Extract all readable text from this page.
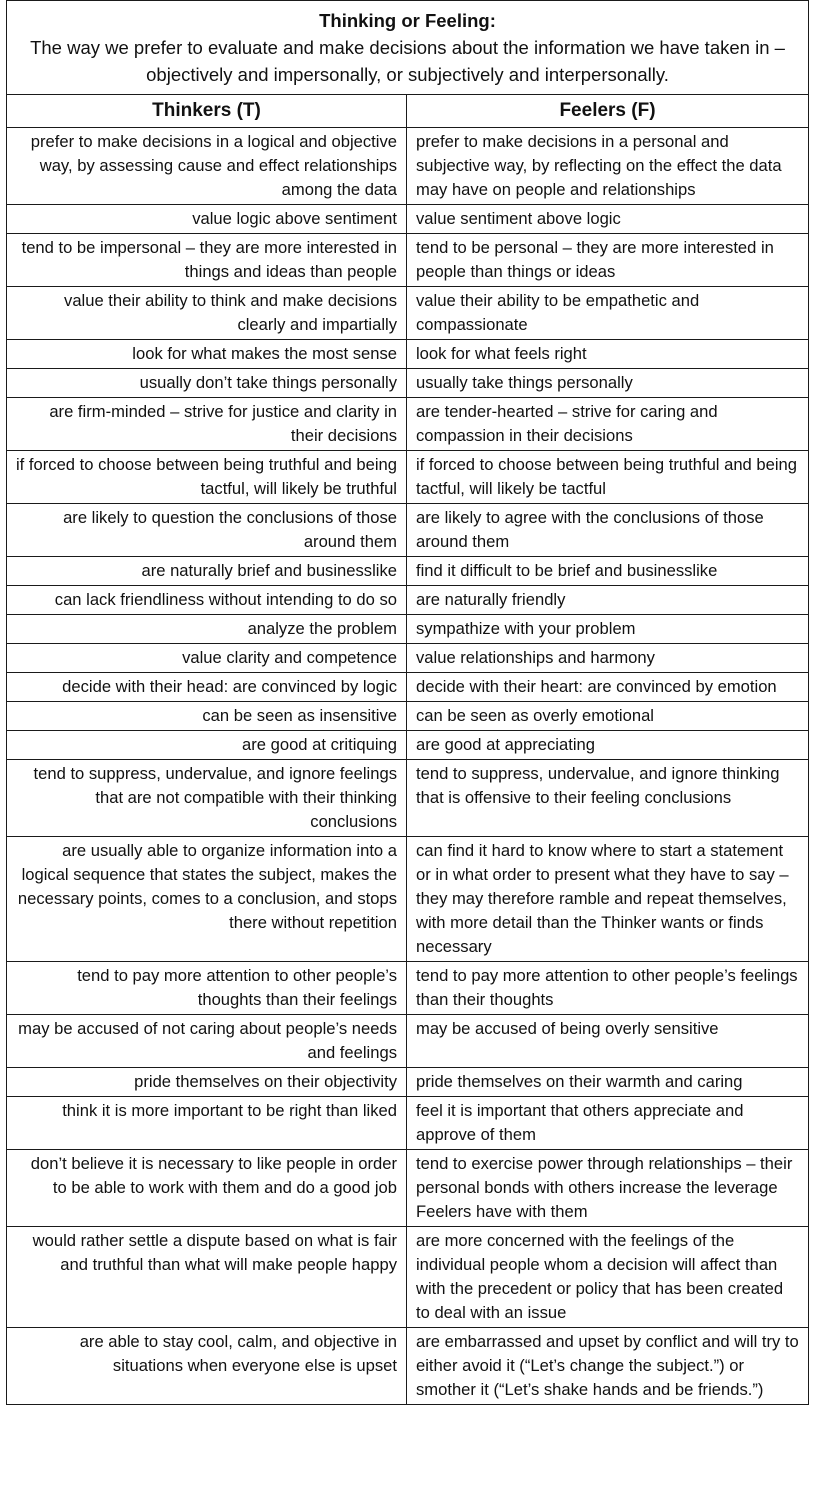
Thinking or Feeling:
The way we prefer to evaluate and make decisions about the information we have taken in – objectively and impersonally, or subjectively and interpersonally.	

Thinkers (T)	Feelers (F)
prefer to make decisions in a logical and objective way, by assessing cause and effect relationships among the data	prefer to make decisions in a personal and subjective way, by reflecting on the effect the data may have on people and relationships
value logic above sentiment	value sentiment above logic
tend to be impersonal – they are more interested in things and ideas than people	tend to be personal – they are more interested in people than things or ideas
value their ability to think and make decisions clearly and impartially	value their ability to be empathetic and compassionate
look for what makes the most sense	look for what feels right
usually don’t take things personally	usually take things personally
are firm-minded – strive for justice and clarity in their decisions	are tender-hearted – strive for caring and compassion in their decisions
if forced to choose between being truthful and being tactful, will likely be truthful	if forced to choose between being truthful and being tactful, will likely be tactful
are likely to question the conclusions of those around them	are likely to agree with the conclusions of those around them
are naturally brief and businesslike	find it difficult to be brief and businesslike
can lack friendliness without intending to do so	are naturally friendly
analyze the problem	sympathize with your problem
value clarity and competence	value relationships and harmony
decide with their head: are convinced by logic	decide with their heart: are convinced by emotion
can be seen as insensitive	can be seen as overly emotional
are good at critiquing	are good at appreciating
tend to suppress, undervalue, and ignore feelings that are not compatible with their thinking conclusions	tend to suppress, undervalue, and ignore thinking that is offensive to their feeling conclusions
are usually able to organize information into a logical sequence that states the subject, makes the necessary points, comes to a conclusion, and stops there without repetition	can find it hard to know where to start a statement or in what order to present what they have to say – they may therefore ramble and repeat themselves, with more detail than the Thinker wants or finds necessary
tend to pay more attention to other people’s thoughts than their feelings	tend to pay more attention to other people’s feelings than their thoughts
may be accused of not caring about people’s needs and feelings	may be accused of being overly sensitive
pride themselves on their objectivity	pride themselves on their warmth and caring
think it is more important to be right than liked	feel it is important that others appreciate and approve of them
don’t believe it is necessary to like people in order to be able to work with them and do a good job	tend to exercise power through relationships – their personal bonds with others increase the leverage Feelers have with them
would rather settle a dispute based on what is fair and truthful than what will make people happy	are more concerned with the feelings of the individual people whom a decision will affect than with the precedent or policy that has been created to deal with an issue
are able to stay cool, calm, and objective in situations when everyone else is upset	are embarrassed and upset by conflict and will try to either avoid it (“Let’s change the subject.”) or smother it (“Let’s shake hands and be friends.”)
